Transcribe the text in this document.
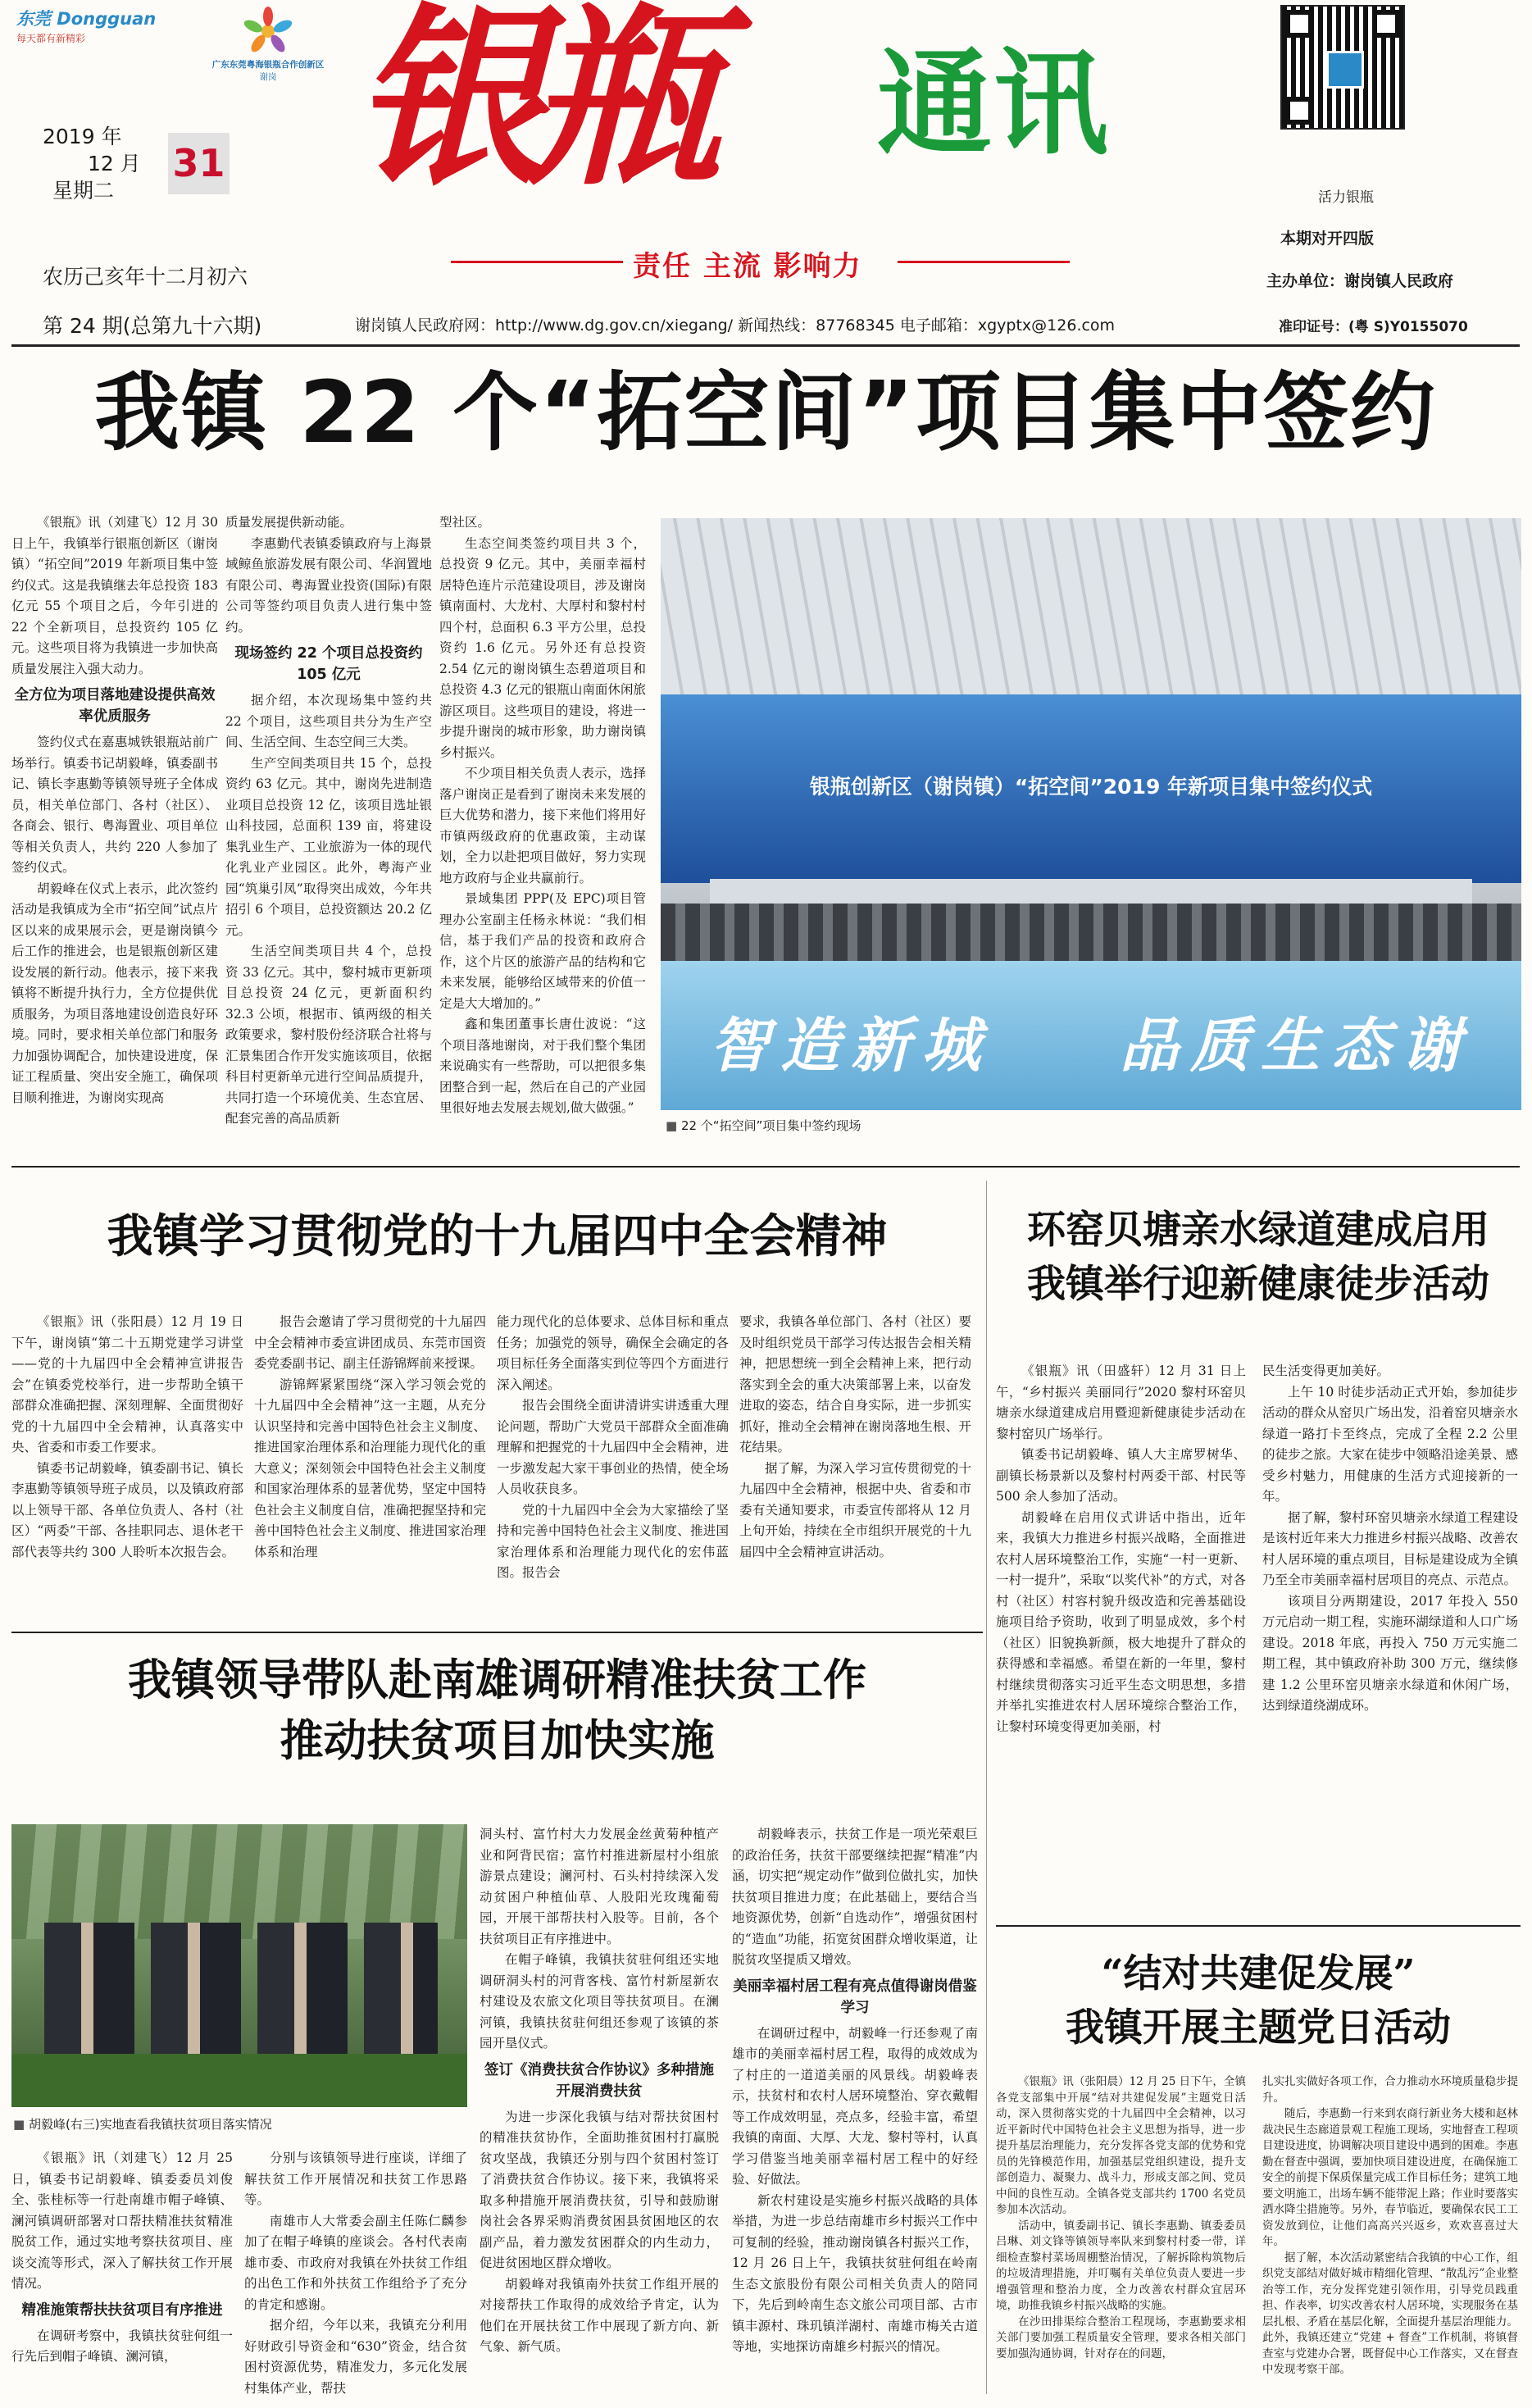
东莞 Dongguan
每天都有新精彩
广东东莞粤海银瓶合作创新区
谢岗
2019 年
12 月
星期二
31 银瓶 通讯
责任 主流 影响力
农历己亥年十二月初六
第 24 期(总第九十六期)	谢岗镇人民政府网：http://www.dg.gov.cn/xiegang/ 新闻热线：87768345 电子邮箱：xgyptx@126.com
活力银瓶
本期对开四版
主办单位：谢岗镇人民政府
准印证号：(粤 S)Y0155070
我镇 22 个“拓空间”项目集中签约

《银瓶》讯（刘建飞）12 月 30 日上午，我镇举行银瓶创新区（谢岗镇）“拓空间”2019 年新项目集中签约仪式。这是我镇继去年总投资 183 亿元 55 个项目之后，今年引进的 22 个全新项目，总投资约 105 亿元。这些项目将为我镇进一步加快高质量发展注入强大动力。

全方位为项目落地建设提供高效率优质服务

签约仪式在嘉惠城铁银瓶站前广场举行。镇委书记胡毅峰，镇委副书记、镇长李惠勤等镇领导班子全体成员，相关单位部门、各村（社区）、各商会、银行、粤海置业、项目单位等相关负责人，共约 220 人参加了签约仪式。

胡毅峰在仪式上表示，此次签约活动是我镇成为全市“拓空间”试点片区以来的成果展示会，更是谢岗镇今后工作的推进会，也是银瓶创新区建设发展的新行动。他表示，接下来我镇将不断提升执行力，全方位提供优质服务，为项目落地建设创造良好环境。同时，要求相关单位部门和服务力加强协调配合，加快建设进度，保证工程质量、突出安全施工，确保项目顺利推进，为谢岗实现高

质量发展提供新动能。

李惠勤代表镇委镇政府与上海景域鲸鱼旅游发展有限公司、华润置地有限公司、粤海置业投资(国际)有限公司等签约项目负责人进行集中签约。

现场签约 22 个项目总投资约 105 亿元

据介绍，本次现场集中签约共 22 个项目，这些项目共分为生产空间、生活空间、生态空间三大类。

生产空间类项目共 15 个，总投资约 63 亿元。其中，谢岗先进制造业项目总投资 12 亿，该项目选址银山科技园，总面积 139 亩，将建设集乳业生产、工业旅游为一体的现代化乳业产业园区。此外，粤海产业园“筑巢引凤”取得突出成效，今年共招引 6 个项目，总投资额达 20.2 亿元。

生活空间类项目共 4 个，总投资 33 亿元。其中，黎村城市更新项目总投资 24 亿元，更新面积约 32.3 公顷，根据市、镇两级的相关政策要求，黎村股份经济联合社将与汇景集团合作开发实施该项目，依据科目村更新单元进行空间品质提升，共同打造一个环境优美、生态宜居、配套完善的高品质新

型社区。

生态空间类签约项目共 3 个，总投资 9 亿元。其中，美丽幸福村居特色连片示范建设项目，涉及谢岗镇南面村、大龙村、大厚村和黎村村四个村，总面积 6.3 平方公里，总投资约 1.6 亿元。另外还有总投资 2.54 亿元的谢岗镇生态碧道项目和总投资 4.3 亿元的银瓶山南面休闲旅游区项目。这些项目的建设，将进一步提升谢岗的城市形象，助力谢岗镇乡村振兴。

不少项目相关负责人表示，选择落户谢岗正是看到了谢岗未来发展的巨大优势和潜力，接下来他们将用好市镇两级政府的优惠政策，主动谋划，全力以赴把项目做好，努力实现地方政府与企业共赢前行。

景域集团 PPP(及 EPC)项目管理办公室副主任杨永林说：“我们相信，基于我们产品的投资和政府合作，这个片区的旅游产品的结构和它未来发展，能够给区域带来的价值一定是大大增加的。”

鑫和集团董事长唐仕波说：“这个项目落地谢岗，对于我们整个集团来说确实有一些帮助，可以把很多集团整合到一起，然后在自己的产业园里很好地去发展去规划,做大做强。”

银瓶创新区（谢岗镇）“拓空间”2019 年新项目集中签约仪式
智造新城 品质生态谢
■ 22 个“拓空间”项目集中签约现场
我镇学习贯彻党的十九届四中全会精神

《银瓶》讯（张阳晨）12 月 19 日下午，谢岗镇“第二十五期党建学习讲堂——党的十九届四中全会精神宣讲报告会”在镇委党校举行，进一步帮助全镇干部群众准确把握、深刻理解、全面贯彻好党的十九届四中全会精神，认真落实中央、省委和市委工作要求。

镇委书记胡毅峰，镇委副书记、镇长李惠勤等镇领导班子成员，以及镇政府部以上领导干部、各单位负责人、各村（社区）“两委”干部、各挂职同志、退休老干部代表等共约 300 人聆听本次报告会。

报告会邀请了学习贯彻党的十九届四中全会精神市委宣讲团成员、东莞市国资委党委副书记、副主任游锦辉前来授课。

游锦辉紧紧围绕“深入学习领会党的十九届四中全会精神”这一主题，从充分认识坚持和完善中国特色社会主义制度、推进国家治理体系和治理能力现代化的重大意义；深刻领会中国特色社会主义制度和国家治理体系的显著优势，坚定中国特色社会主义制度自信，准确把握坚持和完善中国特色社会主义制度、推进国家治理体系和治理

能力现代化的总体要求、总体目标和重点任务；加强党的领导，确保全会确定的各项目标任务全面落实到位等四个方面进行深入阐述。

报告会围绕全面讲清讲实讲透重大理论问题，帮助广大党员干部群众全面准确理解和把握党的十九届四中全会精神，进一步激发起大家干事创业的热情，使全场人员收获良多。

党的十九届四中全会为大家描绘了坚持和完善中国特色社会主义制度、推进国家治理体系和治理能力现代化的宏伟蓝图。报告会

要求，我镇各单位部门、各村（社区）要及时组织党员干部学习传达报告会相关精神，把思想统一到全会精神上来，把行动落实到全会的重大决策部署上来，以奋发进取的姿态，结合自身实际，进一步抓实抓好，推动全会精神在谢岗落地生根、开花结果。

据了解，为深入学习宣传贯彻党的十九届四中全会精神，根据中央、省委和市委有关通知要求，市委宣传部将从 12 月上旬开始，持续在全市组织开展党的十九届四中全会精神宣讲活动。

环窑贝塘亲水绿道建成启用
我镇举行迎新健康徒步活动

《银瓶》讯（田盛轩）12 月 31 日上午，“乡村振兴 美丽同行”2020 黎村环窑贝塘亲水绿道建成启用暨迎新健康徒步活动在黎村窑贝广场举行。

镇委书记胡毅峰、镇人大主席罗树华、副镇长杨景新以及黎村村两委干部、村民等 500 余人参加了活动。

胡毅峰在启用仪式讲话中指出，近年来，我镇大力推进乡村振兴战略，全面推进农村人居环境整治工作，实施“一村一更新、一村一提升”，采取“以奖代补”的方式，对各村（社区）村容村貌升级改造和完善基础设施项目给予资助，收到了明显成效，多个村（社区）旧貌换新颜，极大地提升了群众的获得感和幸福感。希望在新的一年里，黎村村继续贯彻落实习近平生态文明思想，多措并举扎实推进农村人居环境综合整治工作，让黎村环境变得更加美丽，村

民生活变得更加美好。

上午 10 时徒步活动正式开始，参加徒步活动的群众从窑贝广场出发，沿着窑贝塘亲水绿道一路打卡至终点，完成了全程 2.2 公里的徒步之旅。大家在徒步中领略沿途美景、感受乡村魅力，用健康的生活方式迎接新的一年。

据了解，黎村环窑贝塘亲水绿道工程建设是该村近年来大力推进乡村振兴战略、改善农村人居环境的重点项目，目标是建设成为全镇乃至全市美丽幸福村居项目的亮点、示范点。

该项目分两期建设，2017 年投入 550 万元启动一期工程，实施环湖绿道和人口广场建设。2018 年底，再投入 750 万元实施二期工程，其中镇政府补助 300 万元，继续修建 1.2 公里环窑贝塘亲水绿道和休闲广场，达到绿道绕湖成环。

我镇领导带队赴南雄调研精准扶贫工作
推动扶贫项目加快实施
■ 胡毅峰(右三)实地查看我镇扶贫项目落实情况

《银瓶》讯（刘建飞）12 月 25 日，镇委书记胡毅峰、镇委委员刘俊全、张桂标等一行赴南雄市帽子峰镇、澜河镇调研部署对口帮扶精准扶贫精准脱贫工作，通过实地考察扶贫项目、座谈交流等形式，深入了解扶贫工作开展情况。

精准施策帮扶扶贫项目有序推进

在调研考察中，我镇扶贫驻何组一行先后到帽子峰镇、澜河镇，

分别与该镇领导进行座谈，详细了解扶贫工作开展情况和扶贫工作思路等。

南雄市人大常委会副主任陈仁麟参加了在帽子峰镇的座谈会。各村代表南雄市委、市政府对我镇在外扶贫工作组的出色工作和外扶贫工作组给予了充分的肯定和感谢。

据介绍，今年以来，我镇充分利用好财政引导资金和“630”资金，结合贫困村资源优势，精准发力，多元化发展村集体产业，帮扶

洞头村、富竹村大力发展金丝黄菊种植产业和阿背民宿；富竹村推进新屋村小组旅游景点建设；澜河村、石头村持续深入发动贫困户种植仙草、人股阳光玫瑰葡萄园，开展干部帮扶村入股等。目前，各个扶贫项目正有序推进中。

在帽子峰镇，我镇扶贫驻何组还实地调研洞头村的河背客栈、富竹村新屋新农村建设及农旅文化项目等扶贫项目。在澜河镇，我镇扶贫驻何组还参观了该镇的茶园开垦仪式。

签订《消费扶贫合作协议》多种措施开展消费扶贫

为进一步深化我镇与结对帮扶贫困村的精准扶贫协作，全面助推贫困村打赢脱贫攻坚战，我镇还分别与四个贫困村签订了消费扶贫合作协议。接下来，我镇将采取多种措施开展消费扶贫，引导和鼓励谢岗社会各界采购消费贫困县贫困地区的农副产品，着力激发贫困群众的内生动力，促进贫困地区群众增收。

胡毅峰对我镇南外扶贫工作组开展的对接帮扶工作取得的成效给予肯定，认为他们在开展扶贫工作中展现了新方向、新气象、新气质。

胡毅峰表示，扶贫工作是一项光荣艰巨的政治任务，扶贫干部要继续把握“精准”内涵，切实把“规定动作”做到位做扎实，加快扶贫项目推进力度；在此基础上，要结合当地资源优势，创新“自选动作”，增强贫困村的“造血”功能，拓宽贫困群众增收渠道，让脱贫攻坚提质又增效。

美丽幸福村居工程有亮点值得谢岗借鉴学习

在调研过程中，胡毅峰一行还参观了南雄市的美丽幸福村居工程，取得的成效成为了村庄的一道道美丽的风景线。胡毅峰表示，扶贫村和农村人居环境整治、穿衣戴帽等工作成效明显，亮点多，经验丰富，希望我镇的南面、大厚、大龙、黎村等村，认真学习借鉴当地美丽幸福村居工程中的好经验、好做法。

新农村建设是实施乡村振兴战略的具体举措，为进一步总结南雄市乡村振兴工作中可复制的经验，推动谢岗镇各村振兴工作，12 月 26 日上午，我镇扶贫驻何组在岭南生态文旅股份有限公司相关负责人的陪同下，先后到岭南生态文旅公司项目部、古市镇丰源村、珠玑镇洋湖村、南雄市梅关古道等地，实地探访南雄乡村振兴的情况。

“结对共建促发展”
我镇开展主题党日活动

《银瓶》讯（张阳晨）12 月 25 日下午，全镇各党支部集中开展“结对共建促发展”主题党日活动，深入贯彻落实党的十九届四中全会精神，以习近平新时代中国特色社会主义思想为指导，进一步提升基层治理能力，充分发挥各党支部的优势和党员的先锋模范作用，加强基层党组织建设，提升支部创造力、凝聚力、战斗力，形成支部之间、党员中间的良性互动。全镇各党支部共约 1700 名党员参加本次活动。

活动中，镇委副书记、镇长李惠勤、镇委委员吕琳、刘文锋等镇领导率队来到黎村村委一带，详细检查黎村菜场周棚整治情况，了解拆除构筑物后的垃圾清理措施，并叮嘱有关单位负责人要进一步增强管理和整治力度，全力改善农村群众宜居环境，助推我镇乡村振兴战略的实施。

在沙田排渠综合整治工程现场，李惠勤要求相关部门要加强工程质量安全管理，要求各相关部门要加强沟通协调，针对存在的问题，

扎实扎实做好各项工作，合力推动水环境质量稳步提升。

随后，李惠勤一行来到农商行新业务大楼和赵林裁决民生态廊道景观工程施工现场，实地督查工程项目建设进度，协调解决项目建设中遇到的困难。李惠勤在督查中强调，要加快项目建设进度，在确保施工安全的前提下保质保量完成工作目标任务；建筑工地要文明施工，出场车辆不能带泥上路；作业时要落实洒水降尘措施等。另外，春节临近，要确保农民工工资发放到位，让他们高高兴兴返乡，欢欢喜喜过大年。

据了解，本次活动紧密结合我镇的中心工作，组织党支部结对做好城市精细化管理、“散乱污”企业整治等工作，充分发挥党建引领作用，引导党员践重担、作表率，切实改善农村人居环境，实现服务在基层扎根、矛盾在基层化解，全面提升基层治理能力。此外，我镇还建立“党建 + 督查”工作机制，将镇督查室与党建办合署，既督促中心工作落实，又在督查中发现考察干部。
